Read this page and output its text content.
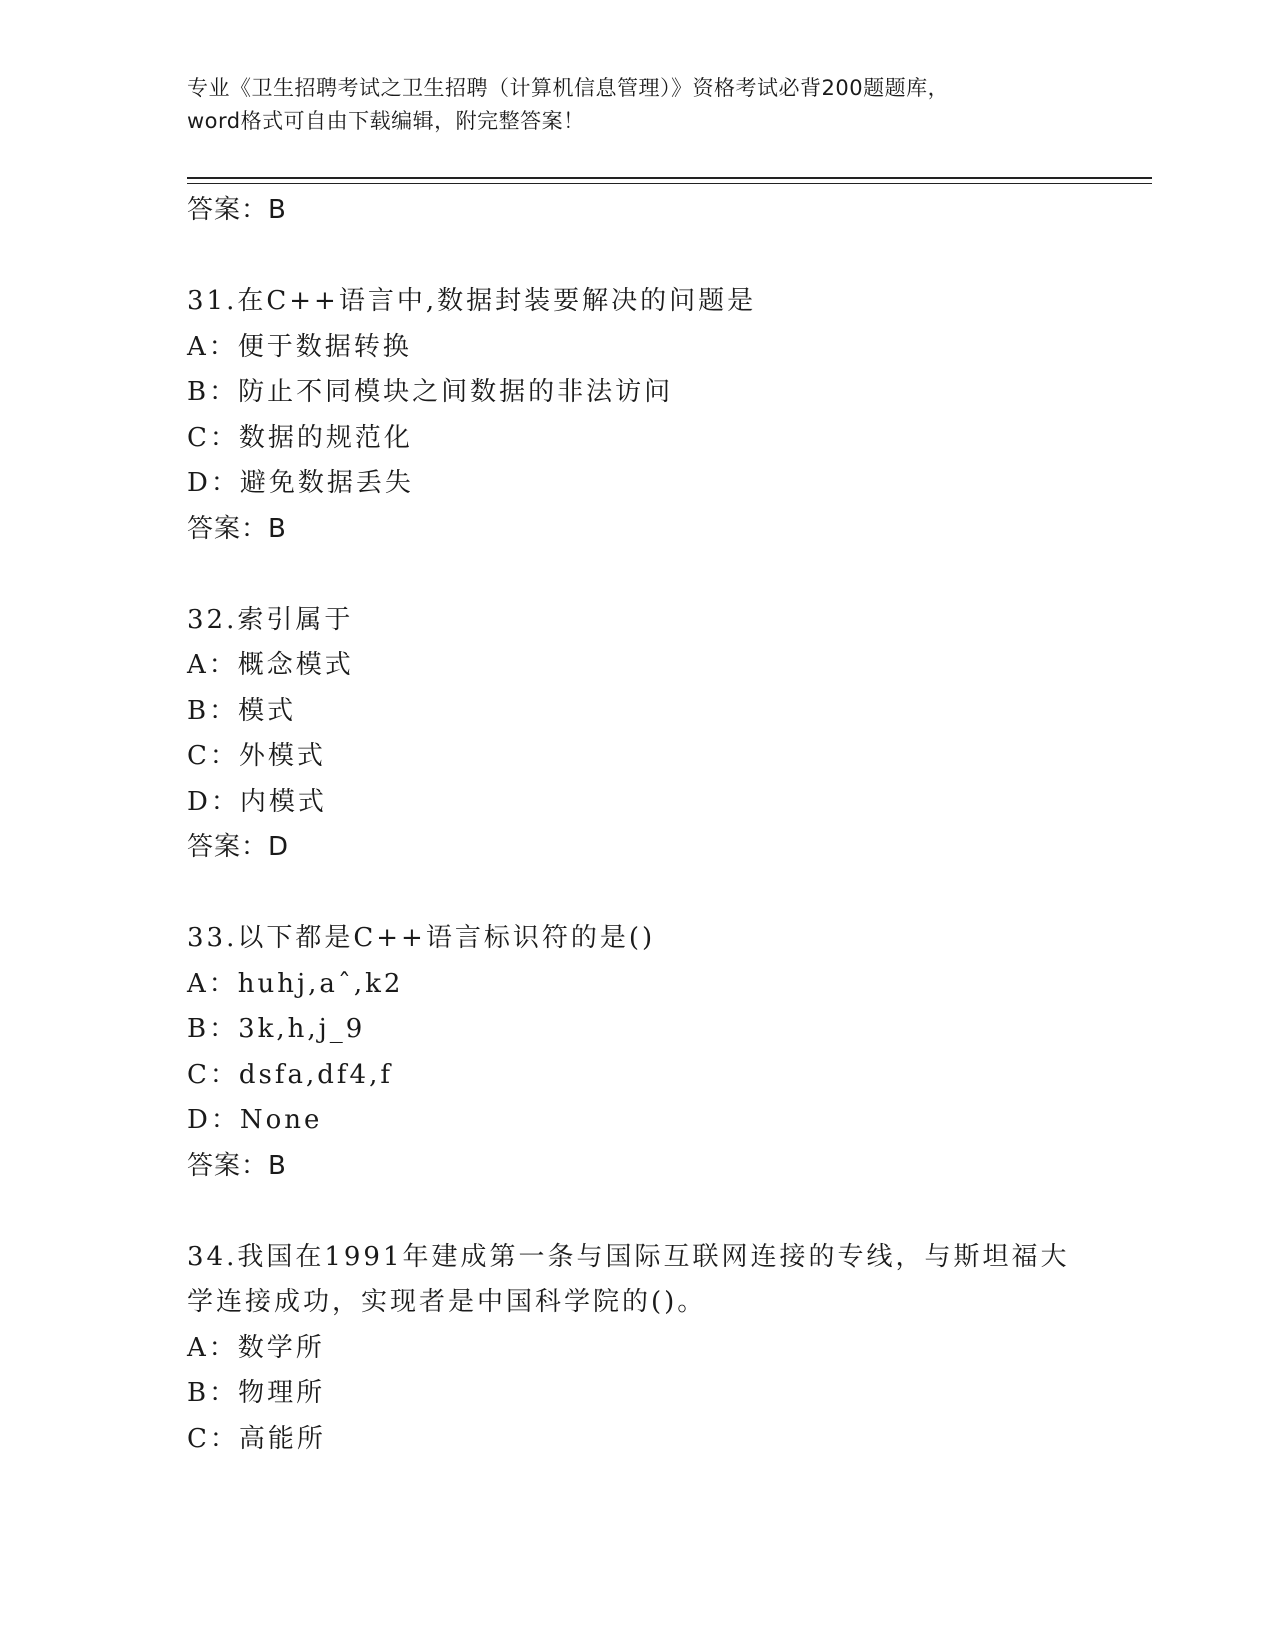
专业《卫生招聘考试之卫生招聘（计算机信息管理）》资格考试必背200题题库，
word格式可自由下载编辑，附完整答案！
答案：B
31.在C++语言中,数据封装要解决的问题是
A：便于数据转换
B：防止不同模块之间数据的非法访问
C：数据的规范化
D：避免数据丢失
答案：B
32.索引属于
A：概念模式
B：模式
C：外模式
D：内模式
答案：D
33.以下都是C++语言标识符的是()
A：huhj,aˆ,k2
B：3k,h,j_9
C：dsfa,df4,f
D：None
答案：B
34.我国在1991年建成第一条与国际互联网连接的专线，与斯坦福大
学连接成功，实现者是中国科学院的()。
A：数学所
B：物理所
C：高能所
